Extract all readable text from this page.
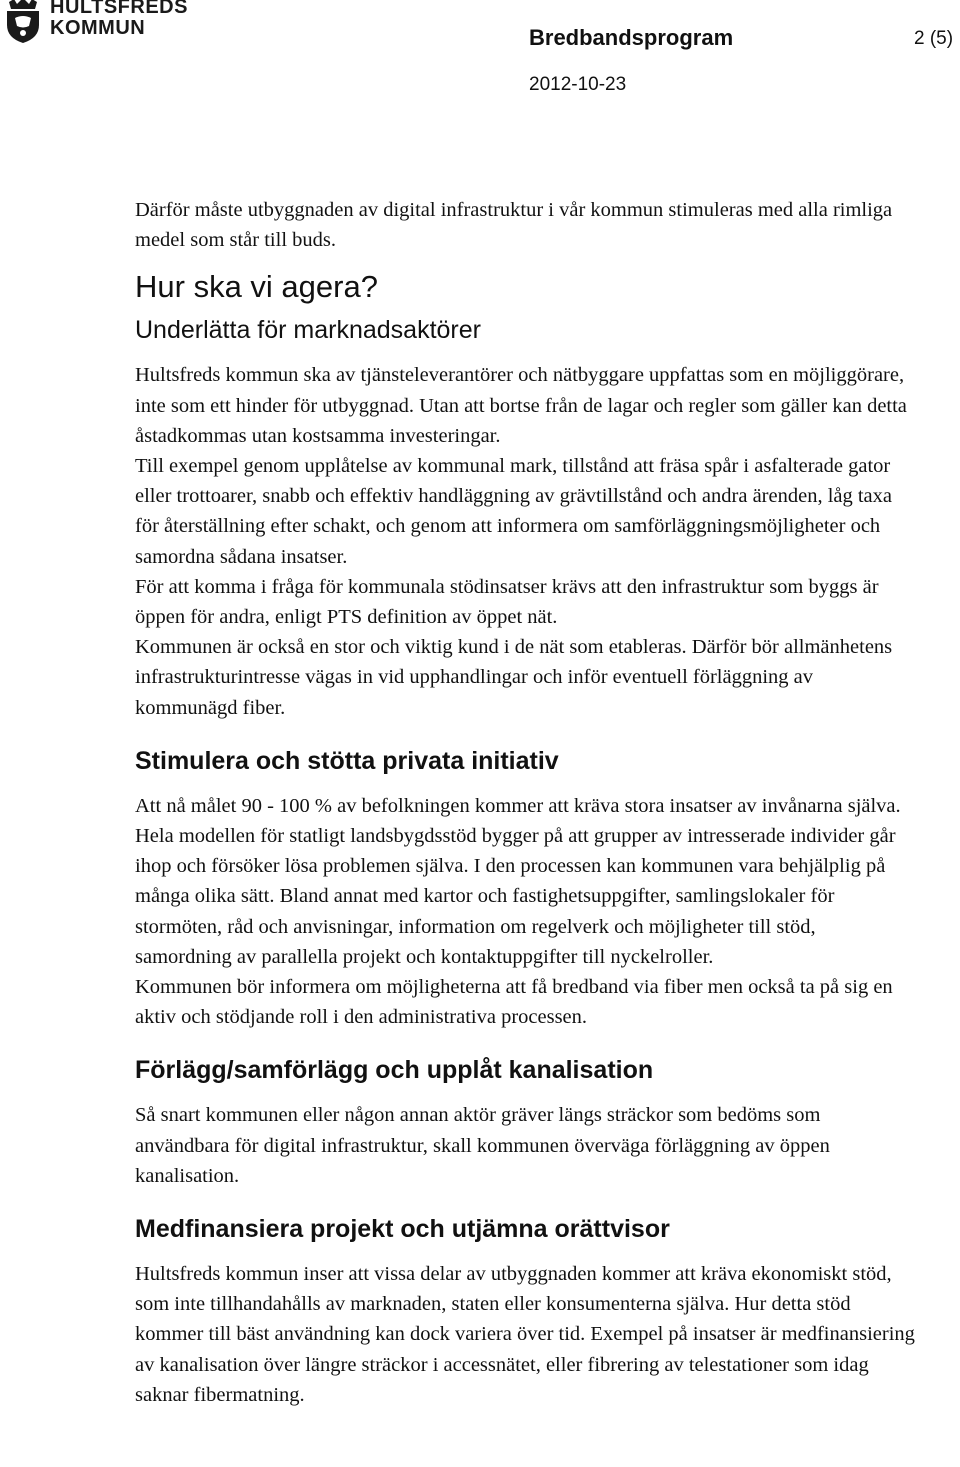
HULTSFREDS
KOMMUN	Bredbandsprogram	2 (5)
2012-10-23

Därför måste utbyggnaden av digital infrastruktur i vår kommun stimuleras med alla rimliga medel som står till buds.

Hur ska vi agera?
Underlätta för marknadsaktörer

Hultsfreds kommun ska av tjänsteleverantörer och nätbyggare uppfattas som en möjliggörare, inte som ett hinder för utbyggnad. Utan att bortse från de lagar och regler som gäller kan detta åstadkommas utan kostsamma investeringar.

Till exempel genom upplåtelse av kommunal mark, tillstånd att fräsa spår i asfalterade gator eller trottoarer, snabb och effektiv handläggning av grävtillstånd och andra ärenden, låg taxa för återställning efter schakt, och genom att informera om samförläggningsmöjligheter och samordna sådana insatser.

För att komma i fråga för kommunala stödinsatser krävs att den infrastruktur som byggs är öppen för andra, enligt PTS definition av öppet nät.

Kommunen är också en stor och viktig kund i de nät som etableras. Därför bör allmänhetens infrastrukturintresse vägas in vid upphandlingar och inför eventuell förläggning av kommunägd fiber.

Stimulera och stötta privata initiativ

Att nå målet 90 - 100 % av befolkningen kommer att kräva stora insatser av invånarna själva. Hela modellen för statligt landsbygdsstöd bygger på att grupper av intresserade individer går ihop och försöker lösa problemen själva. I den processen kan kommunen vara behjälplig på många olika sätt. Bland annat med kartor och fastighetsuppgifter, samlingslokaler för stormöten, råd och anvisningar, information om regelverk och möjligheter till stöd, samordning av parallella projekt och kontaktuppgifter till nyckelroller.

Kommunen bör informera om möjligheterna att få bredband via fiber men också ta på sig en aktiv och stödjande roll i den administrativa processen.

Förlägg/samförlägg och upplåt kanalisation

Så snart kommunen eller någon annan aktör gräver längs sträckor som bedöms som användbara för digital infrastruktur, skall kommunen överväga förläggning av öppen kanalisation.

Medfinansiera projekt och utjämna orättvisor

Hultsfreds kommun inser att vissa delar av utbyggnaden kommer att kräva ekonomiskt stöd, som inte tillhandahålls av marknaden, staten eller konsumenterna själva. Hur detta stöd kommer till bäst användning kan dock variera över tid. Exempel på insatser är medfinansiering av kanalisation över längre sträckor i accessnätet, eller fibrering av telestationer som idag saknar fibermatning.
